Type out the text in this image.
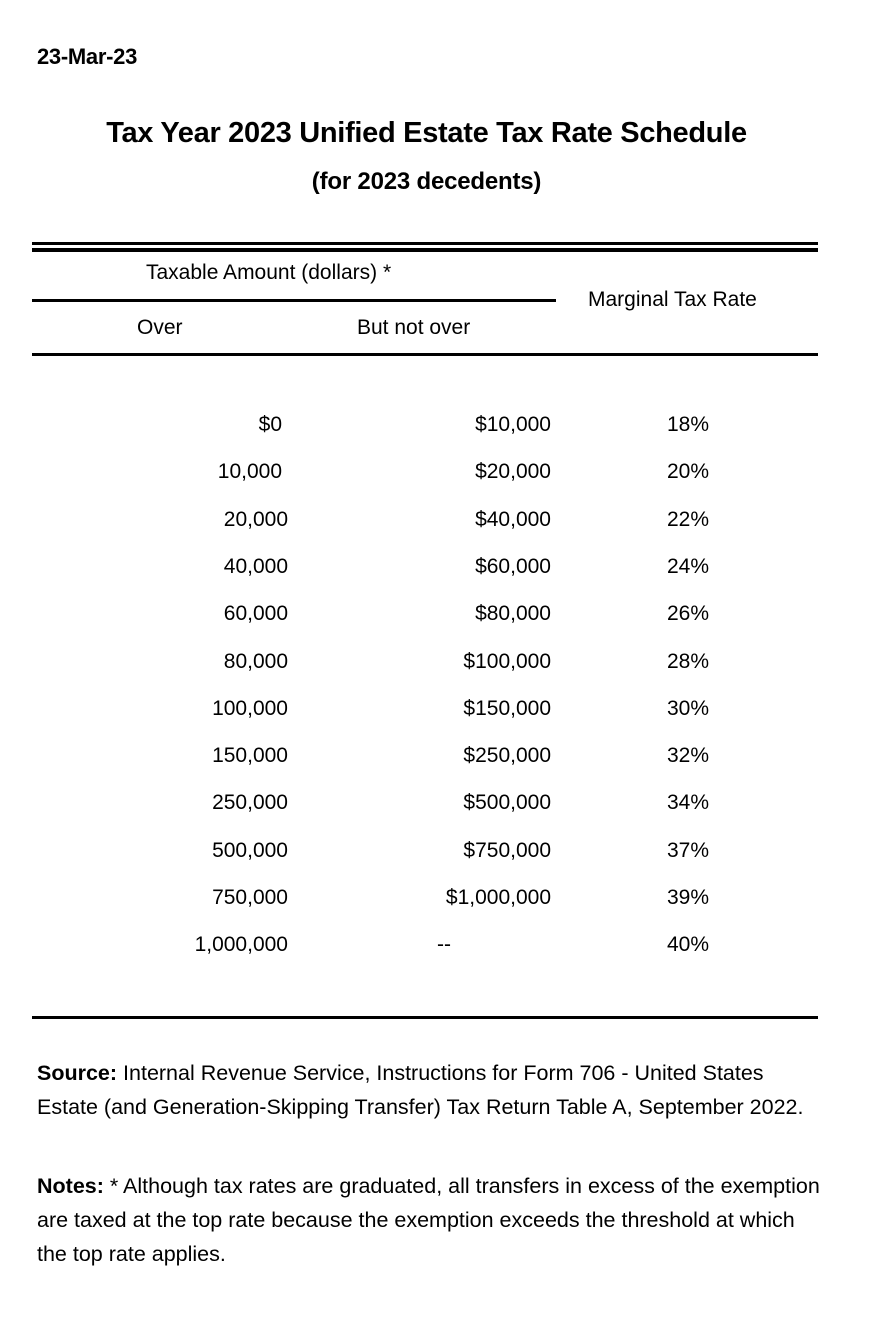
23-Mar-23
Tax Year 2023 Unified Estate Tax Rate Schedule
(for 2023 decedents)
Taxable Amount (dollars) *
Over	But not over
Marginal Tax Rate
$0	$10,000	18%
10,000	$20,000	20%
20,000	$40,000	22%
40,000	$60,000	24%
60,000	$80,000	26%
80,000	$100,000	28%
100,000	$150,000	30%
150,000	$250,000	32%
250,000	$500,000	34%
500,000	$750,000	37%
750,000	$1,000,000	39%
1,000,000	--	40%
Source: Internal Revenue Service, Instructions for Form 706 - United States Estate (and Generation-Skipping Transfer) Tax Return Table A, September 2022.
Notes: * Although tax rates are graduated, all transfers in excess of the exemption are taxed at the top rate because the exemption exceeds the threshold at which the top rate applies.
